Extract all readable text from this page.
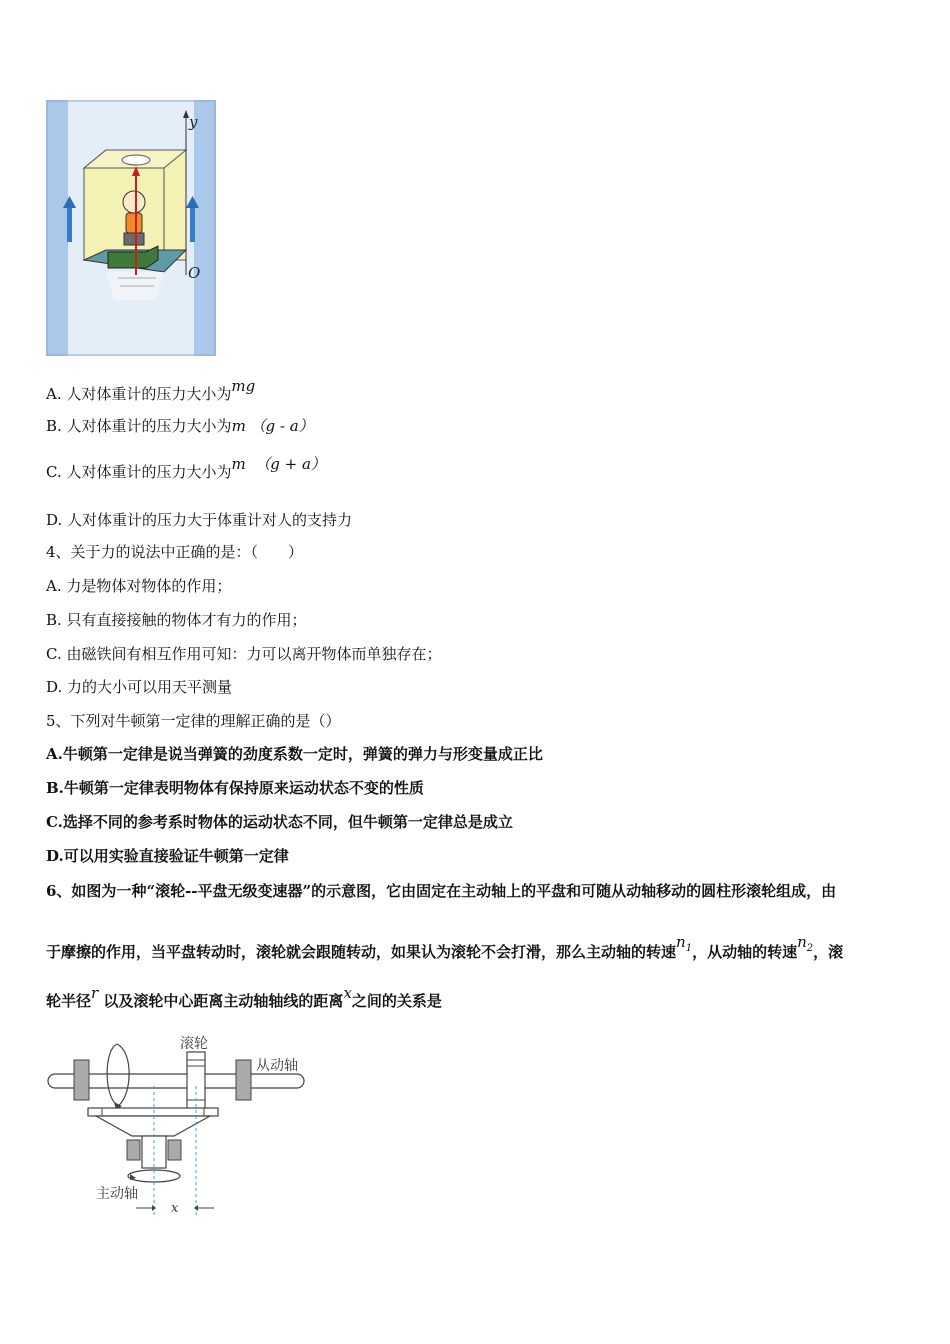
y
O
A. 人对体重计的压力大小为mg
B. 人对体重计的压力大小为m （g - a）
C. 人对体重计的压力大小为m （g + a）
D. 人对体重计的压力大于体重计对人的支持力
4、关于力的说法中正确的是：（　　）
A. 力是物体对物体的作用；
B. 只有直接接触的物体才有力的作用；
C. 由磁铁间有相互作用可知：力可以离开物体而单独存在；
D. 力的大小可以用天平测量
5、下列对牛顿第一定律的理解正确的是（）
A.牛顿第一定律是说当弹簧的劲度系数一定时，弹簧的弹力与形变量成正比
B.牛顿第一定律表明物体有保持原来运动状态不变的性质
C.选择不同的参考系时物体的运动状态不同，但牛顿第一定律总是成立
D.可以用实验直接验证牛顿第一定律
6、如图为一种“滚轮--平盘无级变速器”的示意图，它由固定在主动轴上的平盘和可随从动轴移动的圆柱形滚轮组成，由
于摩擦的作用，当平盘转动时，滚轮就会跟随转动，如果认为滚轮不会打滑，那么主动轴的转速$n^1$，从动轴的转速$n^2$，滚
轮半径r 以及滚轮中心距离主动轴轴线的距离x之间的关系是
滚轮
从动轴
主动轴
x
